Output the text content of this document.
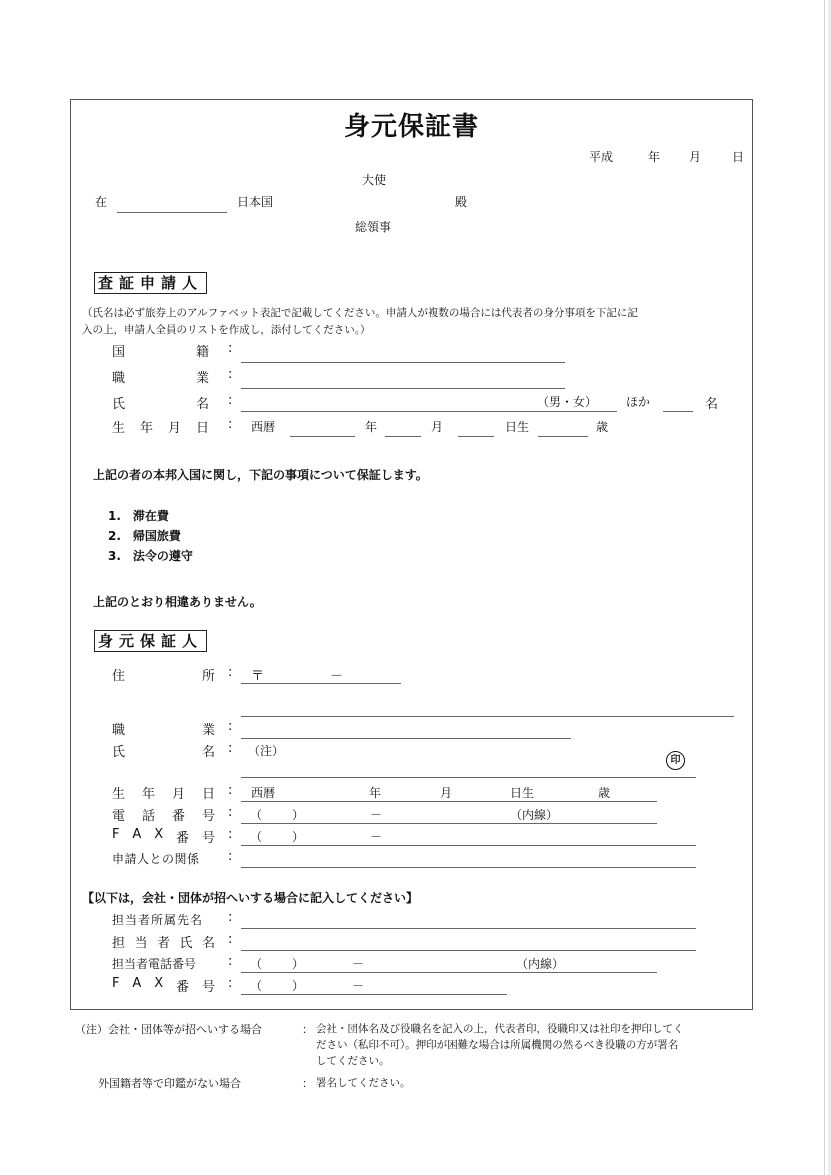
身元保証書
平成	年 月	日
大使
在	日本国	殿
総領事
査証申請人
（氏名は必ず旅券上のアルファベット表記で記載してください。申請人が複数の場合には代表者の身分事項を下記に記
入の上，申請人全員のリストを作成し，添付してください。）
国	籍 :
職	業 :
氏	名 :	（男・女） ほか	名
生 年 月 日 : 西暦	年	月	日生	歳
上記の者の本邦入国に関し，下記の事項について保証します。
1.　滞在費
2.　帰国旅費
3.　法令の遵守
上記のとおり相違ありません。
身元保証人
住	所 : 〒	－
職	業 :
氏	名 : （注）
印
生 年 月 日 : 西暦	年	月	日生	歳
電 話 番 号 : （ ）	－	（内線）
F A X 番 号 : （ ）	－
申請人との関係 :
【以下は，会社・団体が招へいする場合に記入してください】
担当者所属先名 :
担 当 者 氏 名 :
担当者電話番号 : （ ）	－	（内線）
F A X 番 号 : （ ）	－
（注）会社・団体等が招へいする場合	： 会社・団体名及び役職名を記入の上，代表者印，役職印又は社印を押印してく
ださい（私印不可）。押印が困難な場合は所属機関の然るべき役職の方が署名
してください。
外国籍者等で印鑑がない場合	： 署名してください。
